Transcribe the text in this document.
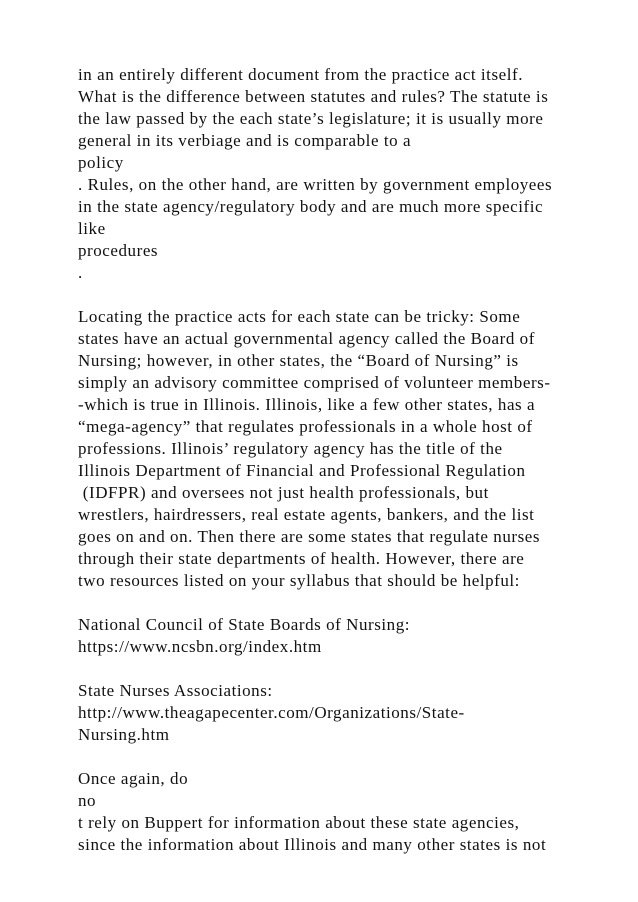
in an entirely different document from the practice act itself.
What is the difference between statutes and rules? The statute is
the law passed by the each state’s legislature; it is usually more
general in its verbiage and is comparable to a
policy
. Rules, on the other hand, are written by government employees
in the state agency/regulatory body and are much more specific
like
procedures
.
Locating the practice acts for each state can be tricky: Some
states have an actual governmental agency called the Board of
Nursing; however, in other states, the “Board of Nursing” is
simply an advisory committee comprised of volunteer members-
-which is true in Illinois. Illinois, like a few other states, has a
“mega-agency” that regulates professionals in a whole host of
professions. Illinois’ regulatory agency has the title of the
Illinois Department of Financial and Professional Regulation
(IDFPR) and oversees not just health professionals, but
wrestlers, hairdressers, real estate agents, bankers, and the list
goes on and on. Then there are some states that regulate nurses
through their state departments of health. However, there are
two resources listed on your syllabus that should be helpful:
National Council of State Boards of Nursing:
https://www.ncsbn.org/index.htm
State Nurses Associations:
http://www.theagapecenter.com/Organizations/State-
Nursing.htm
Once again, do
no
t rely on Buppert for information about these state agencies,
since the information about Illinois and many other states is not
